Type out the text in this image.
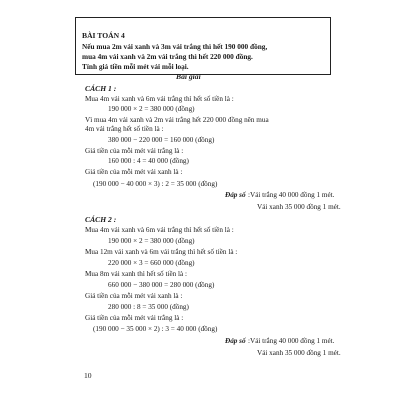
BÀI TOÁN 4
Nếu mua 2m vải xanh và 3m vải trắng thì hết 190 000 đồng,
mua 4m vải xanh và 2m vải trắng thì hết 220 000 đồng.
Tính giá tiền mỗi mét vải mỗi loại.
Bài giải
CÁCH 1 :
Mua 4m vải xanh và 6m vải trắng thì hết số tiền là :
190 000 × 2 = 380 000 (đồng)
Vì mua 4m vải xanh và 2m vải trắng hết 220 000 đồng nên mua
4m vải trắng hết số tiền là :
380 000 − 220 000 = 160 000 (đồng)
Giá tiền của mỗi mét vải trắng là :
160 000 : 4 = 40 000 (đồng)
Giá tiền của mỗi mét vải xanh là :
(190 000 − 40 000 × 3) : 2 = 35 000 (đồng)
Đáp số :Vải trắng 40 000 đồng 1 mét.
Vải xanh 35 000 đồng 1 mét.
CÁCH 2 :
Mua 4m vải xanh và 6m vải trắng thì hết số tiền là :
190 000 × 2 = 380 000 (đồng)
Mua 12m vải xanh và 6m vải trắng thì hết số tiền là :
220 000 × 3 = 660 000 (đồng)
Mua 8m vải xanh thì hết số tiền là :
660 000 − 380 000 = 280 000 (đồng)
Giá tiền của mỗi mét vải xanh là :
280 000 : 8 = 35 000 (đồng)
Giá tiền của mỗi mét vải trắng là :
(190 000 − 35 000 × 2) : 3 = 40 000 (đồng)
Đáp số :Vải trắng 40 000 đồng 1 mét.
Vải xanh 35 000 đồng 1 mét.
10
